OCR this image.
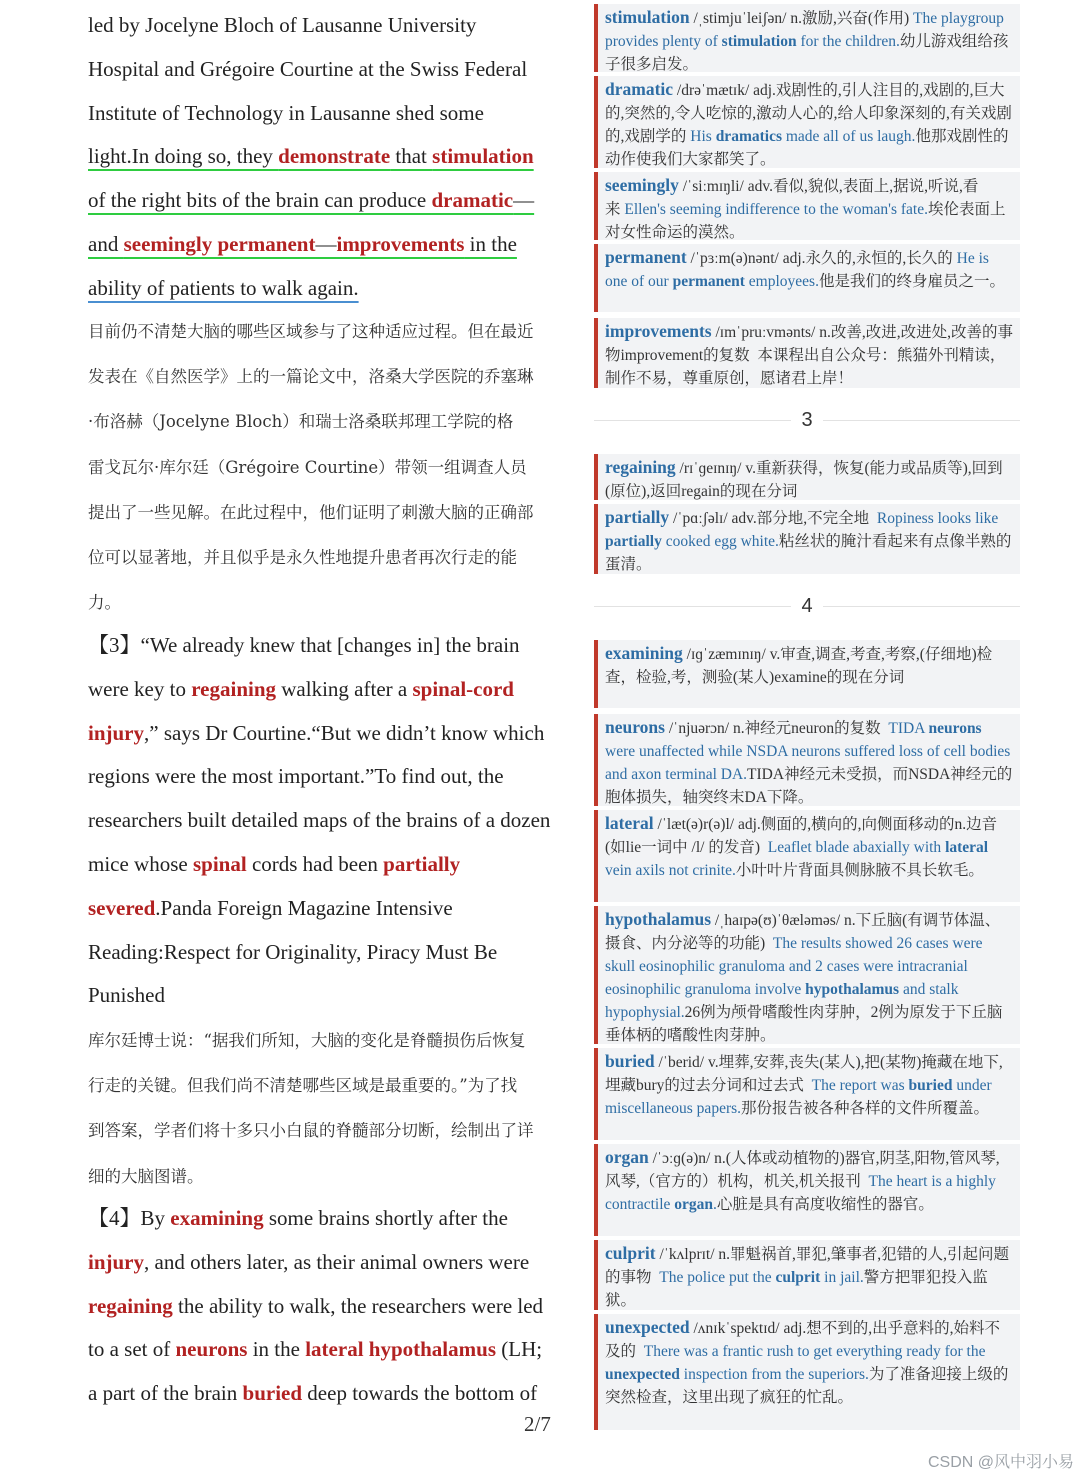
led by Jocelyne Bloch of Lausanne University
Hospital and Grégoire Courtine at the Swiss Federal
Institute of Technology in Lausanne shed some
light.In doing so, they demonstrate that stimulation
of the right bits of the brain can produce dramatic—
and seemingly permanent—improvements in the
ability of patients to walk again.
目前仍不清楚大脑的哪些区域参与了这种适应过程。但在最近
发表在《自然医学》上的一篇论文中，洛桑大学医院的乔塞琳
·布洛赫（Jocelyne Bloch）和瑞士洛桑联邦理工学院的格
雷戈瓦尔·库尔廷（Grégoire Courtine）带领一组调查人员
提出了一些见解。在此过程中，他们证明了刺激大脑的正确部
位可以显著地，并且似乎是永久性地提升患者再次行走的能
力。
【3】“We already knew that [changes in] the brain
were key to regaining walking after a spinal-cord
injury,” says Dr Courtine.“But we didn’t know which
regions were the most important.”To find out, the
researchers built detailed maps of the brains of a dozen
mice whose spinal cords had been partially
severed.Panda Foreign Magazine Intensive
Reading:Respect for Originality, Piracy Must Be
Punished
库尔廷博士说：“据我们所知，大脑的变化是脊髓损伤后恢复
行走的关键。但我们尚不清楚哪些区域是最重要的。”为了找
到答案，学者们将十多只小白鼠的脊髓部分切断，绘制出了详
细的大脑图谱。
【4】By examining some brains shortly after the
injury, and others later, as their animal owners were
regaining the ability to walk, the researchers were led
to a set of neurons in the lateral hypothalamus (LH;
a part of the brain buried deep towards the bottom of
2/7
stimulation /ˌstimjuˈleiʃən/ n.激励,兴奋(作用) The playgroup provides plenty of stimulation for the children.幼儿游戏组给孩子很多启发。
dramatic /drəˈmætɪk/ adj.戏剧性的,引人注目的,戏剧的,巨大的,突然的,令人吃惊的,激动人心的,给人印象深刻的,有关戏剧的,戏剧学的 His dramatics made all of us laugh.他那戏剧性的动作使我们大家都笑了。
seemingly /ˈsiːmɪŋli/ adv.看似,貌似,表面上,据说,听说,看来 Ellen's seeming indifference to the woman's fate.埃伦表面上对女性命运的漠然。
permanent /ˈpɜːm(ə)nənt/ adj.永久的,永恒的,长久的 He is one of our permanent employees.他是我们的终身雇员之一。
improvements /ɪmˈpruːvmənts/ n.改善,改进,改进处,改善的事物improvement的复数 本课程出自公众号：熊猫外刊精读，制作不易，尊重原创，愿诸君上岸！
3
regaining /rɪˈɡeɪnɪŋ/ v.重新获得，恢复(能力或品质等),回到(原位),返回regain的现在分词
partially /ˈpɑːʃəlɪ/ adv.部分地,不完全地 Ropiness looks like partially cooked egg white.粘丝状的腌汁看起来有点像半熟的蛋清。
4
examining /ɪɡˈzæmɪnɪŋ/ v.审查,调查,考查,考察,(仔细地)检查，检验,考，测验(某人)examine的现在分词
neurons /ˈnjuərɔn/ n.神经元neuron的复数 TIDA neurons were unaffected while NSDA neurons suffered loss of cell bodies and axon terminal DA.TIDA神经元未受损，而NSDA神经元的胞体损失，轴突终末DA下降。
lateral /ˈlæt(ə)r(ə)l/ adj.侧面的,横向的,向侧面移动的n.边音(如lie一词中 /l/ 的发音) Leaflet blade abaxially with lateral vein axils not crinite.小叶叶片背面具侧脉腋不具长软毛。
hypothalamus /ˌhaɪpə(ʊ)ˈθæləməs/ n.下丘脑(有调节体温、摄食、内分泌等的功能) The results showed 26 cases were skull eosinophilic granuloma and 2 cases were intracranial eosinophilic granuloma involve hypothalamus and stalk hypophysial.26例为颅骨嗜酸性肉芽肿，2例为原发于下丘脑垂体柄的嗜酸性肉芽肿。
buried /ˈberid/ v.埋葬,安葬,丧失(某人),把(某物)掩藏在地下,埋藏bury的过去分词和过去式 The report was buried under miscellaneous papers.那份报告被各种各样的文件所覆盖。
organ /ˈɔːɡ(ə)n/ n.(人体或动植物的)器官,阴茎,阳物,管风琴,风琴,（官方的）机构，机关,机关报刊 The heart is a highly contractile organ.心脏是具有高度收缩性的器官。
culprit /ˈkʌlprɪt/ n.罪魁祸首,罪犯,肇事者,犯错的人,引起问题的事物 The police put the culprit in jail.警方把罪犯投入监狱。
unexpected /ʌnɪkˈspektɪd/ adj.想不到的,出乎意料的,始料不及的 There was a frantic rush to get everything ready for the unexpected inspection from the superiors.为了准备迎接上级的突然检查，这里出现了疯狂的忙乱。
CSDN @风中羽小易
